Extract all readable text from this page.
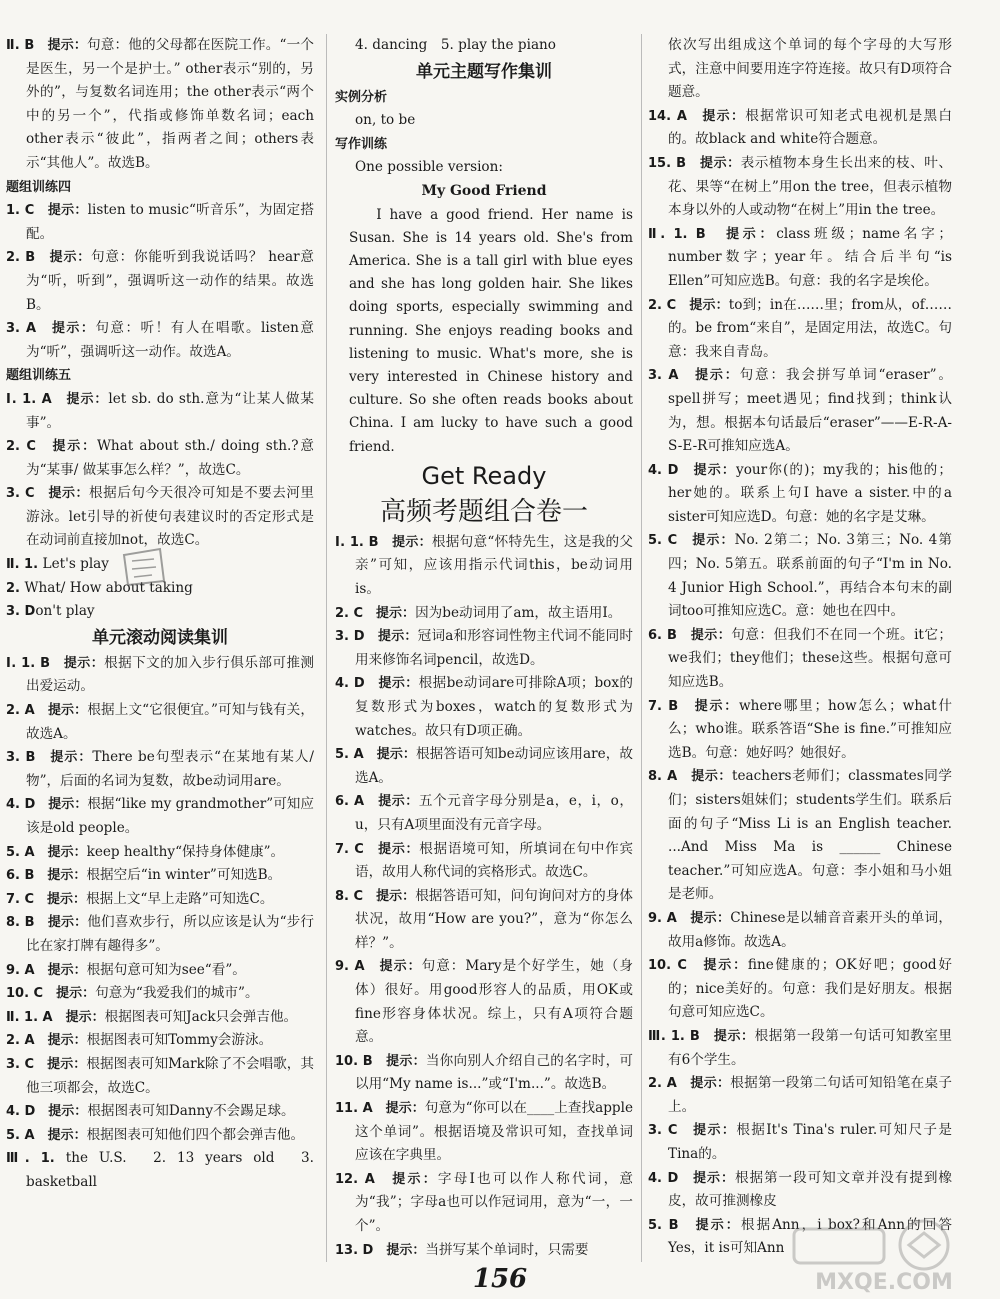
Ⅱ. B　提示：句意：他的父母都在医院工作。“一个是医生，另一个是护士。” other表示“别的，另外的”，与复数名词连用；the other表示“两个中的另一个”，代指或修饰单数名词；each other表示“彼此”，指两者之间；others表示“其他人”。故选B。
题组训练四
1. C　提示：listen to music“听音乐”，为固定搭配。
2. B　提示：句意：你能听到我说话吗？ hear意为“听，听到”，强调听这一动作的结果。故选B。
3. A　提示：句意：听！有人在唱歌。listen意为“听”，强调听这一动作。故选A。
题组训练五
Ⅰ. 1. A　提示：let sb. do sth.意为“让某人做某事”。
2. C　提示：What about sth./ doing sth.?意为“某事/ 做某事怎么样？”，故选C。
3. C　提示：根据后句今天很冷可知是不要去河里游泳。let引导的祈使句表建议时的否定形式是在动词前直接加not，故选C。
Ⅱ. 1. Let's play
2. What/ How about taking
3. Don't play
单元滚动阅读集训
Ⅰ. 1. B　提示：根据下文的加入步行俱乐部可推测出爱运动。
2. A　提示：根据上文“它很便宜。”可知与钱有关，故选A。
3. B　提示：There be句型表示“在某地有某人/ 物”，后面的名词为复数，故be动词用are。
4. D　提示：根据“like my grandmother”可知应该是old people。
5. A　提示：keep healthy“保持身体健康”。
6. B　提示：根据空后“in winter”可知选B。
7. C　提示：根据上文“早上走路”可知选C。
8. B　提示：他们喜欢步行，所以应该是认为“步行比在家打牌有趣得多”。
9. A　提示：根据句意可知为see“看”。
10. C　提示：句意为“我爱我们的城市”。
Ⅱ. 1. A　提示：根据图表可知Jack只会弹吉他。
2. A　提示：根据图表可知Tommy会游泳。
3. C　提示：根据图表可知Mark除了不会唱歌，其他三项都会，故选C。
4. D　提示：根据图表可知Danny不会踢足球。
5. A　提示：根据图表可知他们四个都会弹吉他。
Ⅲ. 1. the U.S.　2. 13 years old　3. basketball
4. dancing　5. play the piano
单元主题写作集训
实例分析
on, to be
写作训练
One possible version:
My Good Friend
I have a good friend. Her name is Susan. She is 14 years old. She's from America. She is a tall girl with blue eyes and she has long golden hair. She likes doing sports, especially swimming and running. She enjoys reading books and listening to music. What's more, she is very interested in Chinese history and culture. So she often reads books about China. I am lucky to have such a good friend.
Get Ready
高频考题组合卷一
Ⅰ. 1. B　提示：根据句意“怀特先生，这是我的父亲”可知，应该用指示代词this，be动词用is。
2. C　提示：因为be动词用了am，故主语用I。
3. D　提示：冠词a和形容词性物主代词不能同时用来修饰名词pencil，故选D。
4. D　提示：根据be动词are可排除A项；box的复数形式为boxes，watch的复数形式为watches。故只有D项正确。
5. A　提示：根据答语可知be动词应该用are，故选A。
6. A　提示：五个元音字母分别是a，e，i，o，u，只有A项里面没有元音字母。
7. C　提示：根据语境可知，所填词在句中作宾语，故用人称代词的宾格形式。故选C。
8. C　提示：根据答语可知，问句询问对方的身体状况，故用“How are you?”，意为“你怎么样？”。
9. A　提示：句意：Mary是个好学生，她（身体）很好。用good形容人的品质，用OK或fine形容身体状况。综上，只有A项符合题意。
10. B　提示：当你向别人介绍自己的名字时，可以用“My name is...”或“I'm...”。故选B。
11. A　提示：句意为“你可以在____上查找apple这个单词”。根据语境及常识可知，查找单词应该在字典里。
12. A　提示：字母I也可以作人称代词，意为“我”；字母a也可以作冠词用，意为“一，一个”。
13. D　提示：当拼写某个单词时，只需要
依次写出组成这个单词的每个字母的大写形式，注意中间要用连字符连接。故只有D项符合题意。
14. A　提示：根据常识可知老式电视机是黑白的。故black and white符合题意。
15. B　提示：表示植物本身生长出来的枝、叶、花、果等“在树上”用on the tree，但表示植物本身以外的人或动物“在树上”用in the tree。
Ⅱ. 1. B　提示：class班级；name名字；number数字；year年。结合后半句“is Ellen”可知应选B。句意：我的名字是埃伦。
2. C　提示：to到；in在……里；from从，of……的。be from“来自”，是固定用法，故选C。句意：我来自青岛。
3. A　提示：句意：我会拼写单词“eraser”。spell拼写；meet遇见；find找到；think认为，想。根据本句话最后“eraser”——E-R-A-S-E-R可推知应选A。
4. D　提示：your你(的)；my我的；his他的；her她的。联系上句I have a sister.中的a sister可知应选D。句意：她的名字是艾琳。
5. C　提示：No. 2第二；No. 3第三；No. 4第四；No. 5第五。联系前面的句子“I'm in No. 4 Junior High School.”，再结合本句末的副词too可推知应选C。意：她也在四中。
6. B　提示：句意：但我们不在同一个班。it它；we我们；they他们；these这些。根据句意可知应选B。
7. B　提示：where哪里；how怎么；what什么；who谁。联系答语“She is fine.”可推知应选B。句意：她好吗？她很好。
8. A　提示：teachers老师们；classmates同学们；sisters姐妹们；students学生们。联系后面的句子“Miss Li is an English teacher. ...And Miss Ma is ______ Chinese teacher.”可知应选A。句意：李小姐和马小姐是老师。
9. A　提示：Chinese是以辅音音素开头的单词，故用a修饰。故选A。
10. C　提示：fine健康的；OK好吧；good好的；nice美好的。句意：我们是好朋友。根据句意可知应选C。
Ⅲ. 1. B　提示：根据第一段第一句话可知教室里有6个学生。
2. A　提示：根据第一段第二句话可知铅笔在桌子上。
3. C　提示：根据It's Tina's ruler.可知尺子是Tina的。
4. D　提示：根据第一段可知文章并没有提到橡皮，故可推测橡皮
5. B　提示：根据Ann，i box?和Ann的回答Yes，it is可知Ann
MXQE.COM
156
